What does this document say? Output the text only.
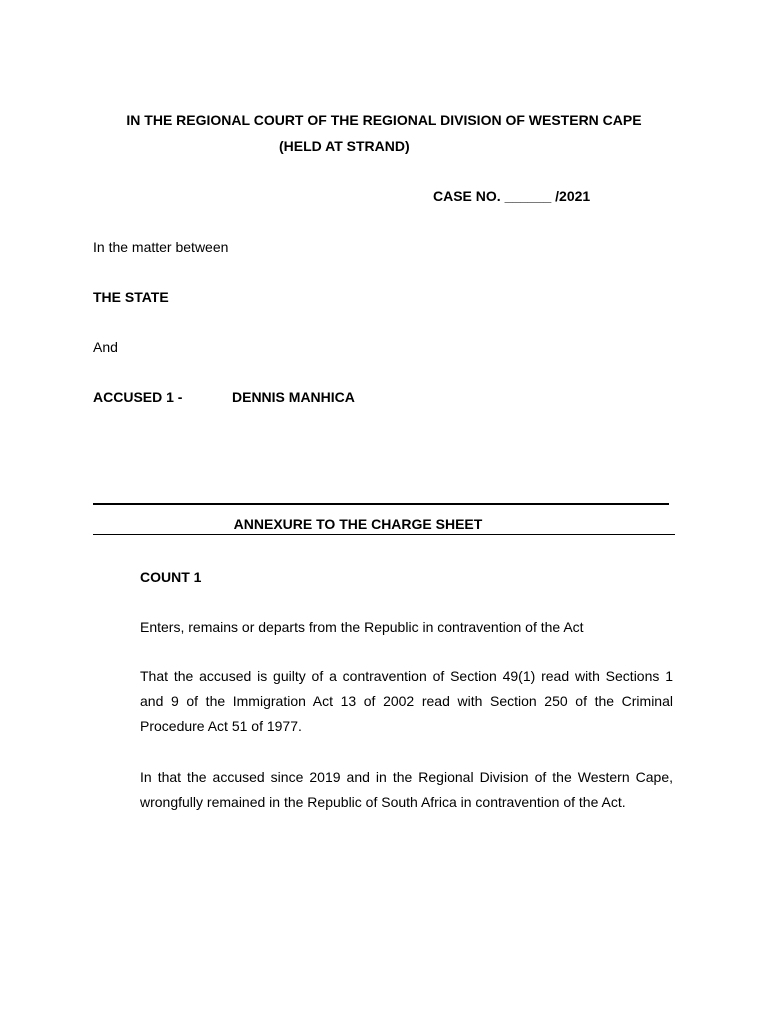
IN THE REGIONAL COURT OF THE REGIONAL DIVISION OF WESTERN CAPE
(HELD AT STRAND)
CASE NO. ______ /2021
In the matter between
THE STATE
And
ACCUSED 1 -	DENNIS MANHICA
ANNEXURE TO THE CHARGE SHEET
COUNT 1
Enters, remains or departs from the Republic in contravention of the Act
That the accused is guilty of a contravention of Section 49(1) read with Sections 1 and 9 of the Immigration Act 13 of 2002 read with Section 250 of the Criminal Procedure Act 51 of 1977.
In that the accused since 2019 and in the Regional Division of the Western Cape, wrongfully remained in the Republic of South Africa in contravention of the Act.
